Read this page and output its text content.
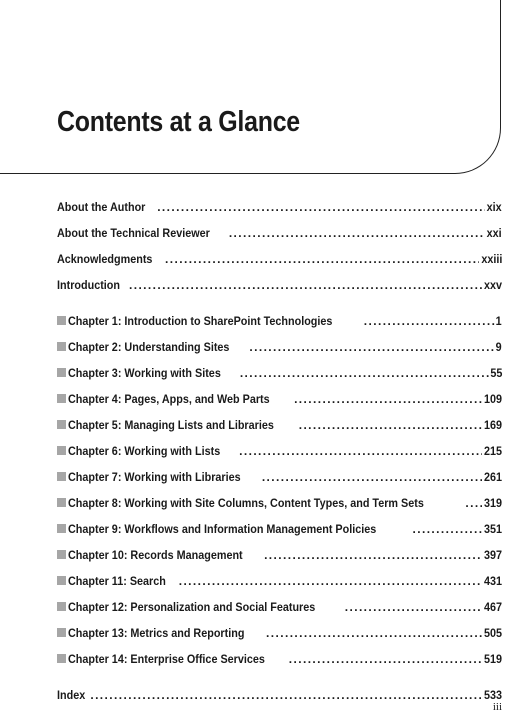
Contents at a Glance
About the Author .....	xix
About the Technical Reviewer .....	xxi
Acknowledgments .....	xxiii
Introduction .....	xxv
Chapter 1: Introduction to SharePoint Technologies .....	1
Chapter 2: Understanding Sites .....	9
Chapter 3: Working with Sites .....	55
Chapter 4: Pages, Apps, and Web Parts .....	109
Chapter 5: Managing Lists and Libraries .....	169
Chapter 6: Working with Lists .....	215
Chapter 7: Working with Libraries .....	261
Chapter 8: Working with Site Columns, Content Types, and Term Sets .....	319
Chapter 9: Workflows and Information Management Policies .....	351
Chapter 10: Records Management .....	397
Chapter 11: Search .....	431
Chapter 12: Personalization and Social Features .....	467
Chapter 13: Metrics and Reporting .....	505
Chapter 14: Enterprise Office Services .....	519
Index .....	533
iii
